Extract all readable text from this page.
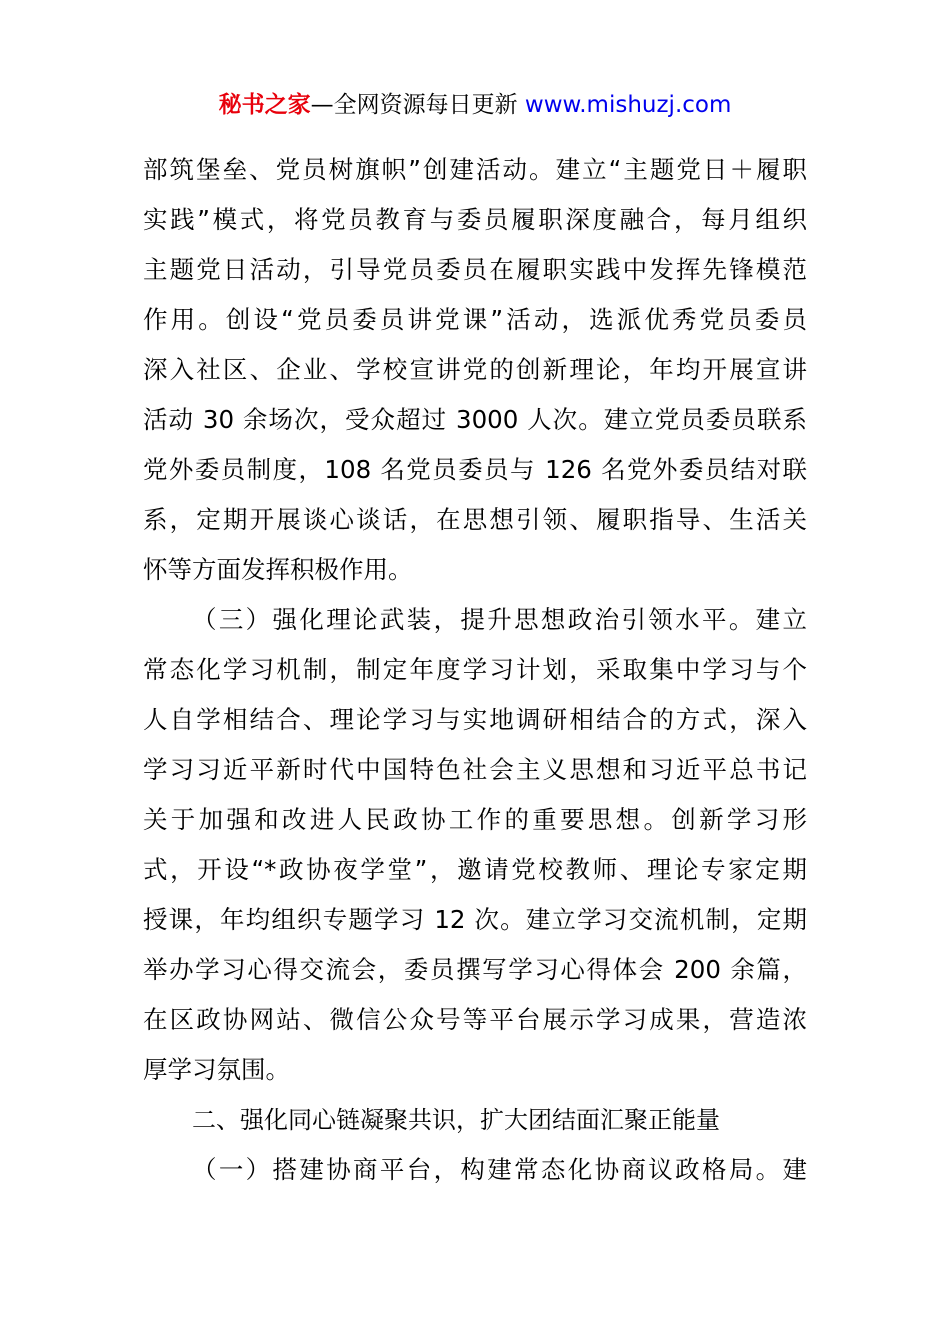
秘书之家—全网资源每日更新 www.mishuzj.com
部筑堡垒、党员树旗帜”创建活动。建立“主题党日＋履职
实践”模式，将党员教育与委员履职深度融合，每月组织
主题党日活动，引导党员委员在履职实践中发挥先锋模范
作用。创设“党员委员讲党课”活动，选派优秀党员委员
深入社区、企业、学校宣讲党的创新理论，年均开展宣讲
活动 30 余场次，受众超过 3000 人次。建立党员委员联系
党外委员制度，108 名党员委员与 126 名党外委员结对联
系，定期开展谈心谈话，在思想引领、履职指导、生活关
怀等方面发挥积极作用。
（三）强化理论武装，提升思想政治引领水平。建立
常态化学习机制，制定年度学习计划，采取集中学习与个
人自学相结合、理论学习与实地调研相结合的方式，深入
学习习近平新时代中国特色社会主义思想和习近平总书记
关于加强和改进人民政协工作的重要思想。创新学习形
式，开设“*政协夜学堂”，邀请党校教师、理论专家定期
授课，年均组织专题学习 12 次。建立学习交流机制，定期
举办学习心得交流会，委员撰写学习心得体会 200 余篇，
在区政协网站、微信公众号等平台展示学习成果，营造浓
厚学习氛围。
二、强化同心链凝聚共识，扩大团结面汇聚正能量
（一）搭建协商平台，构建常态化协商议政格局。建
